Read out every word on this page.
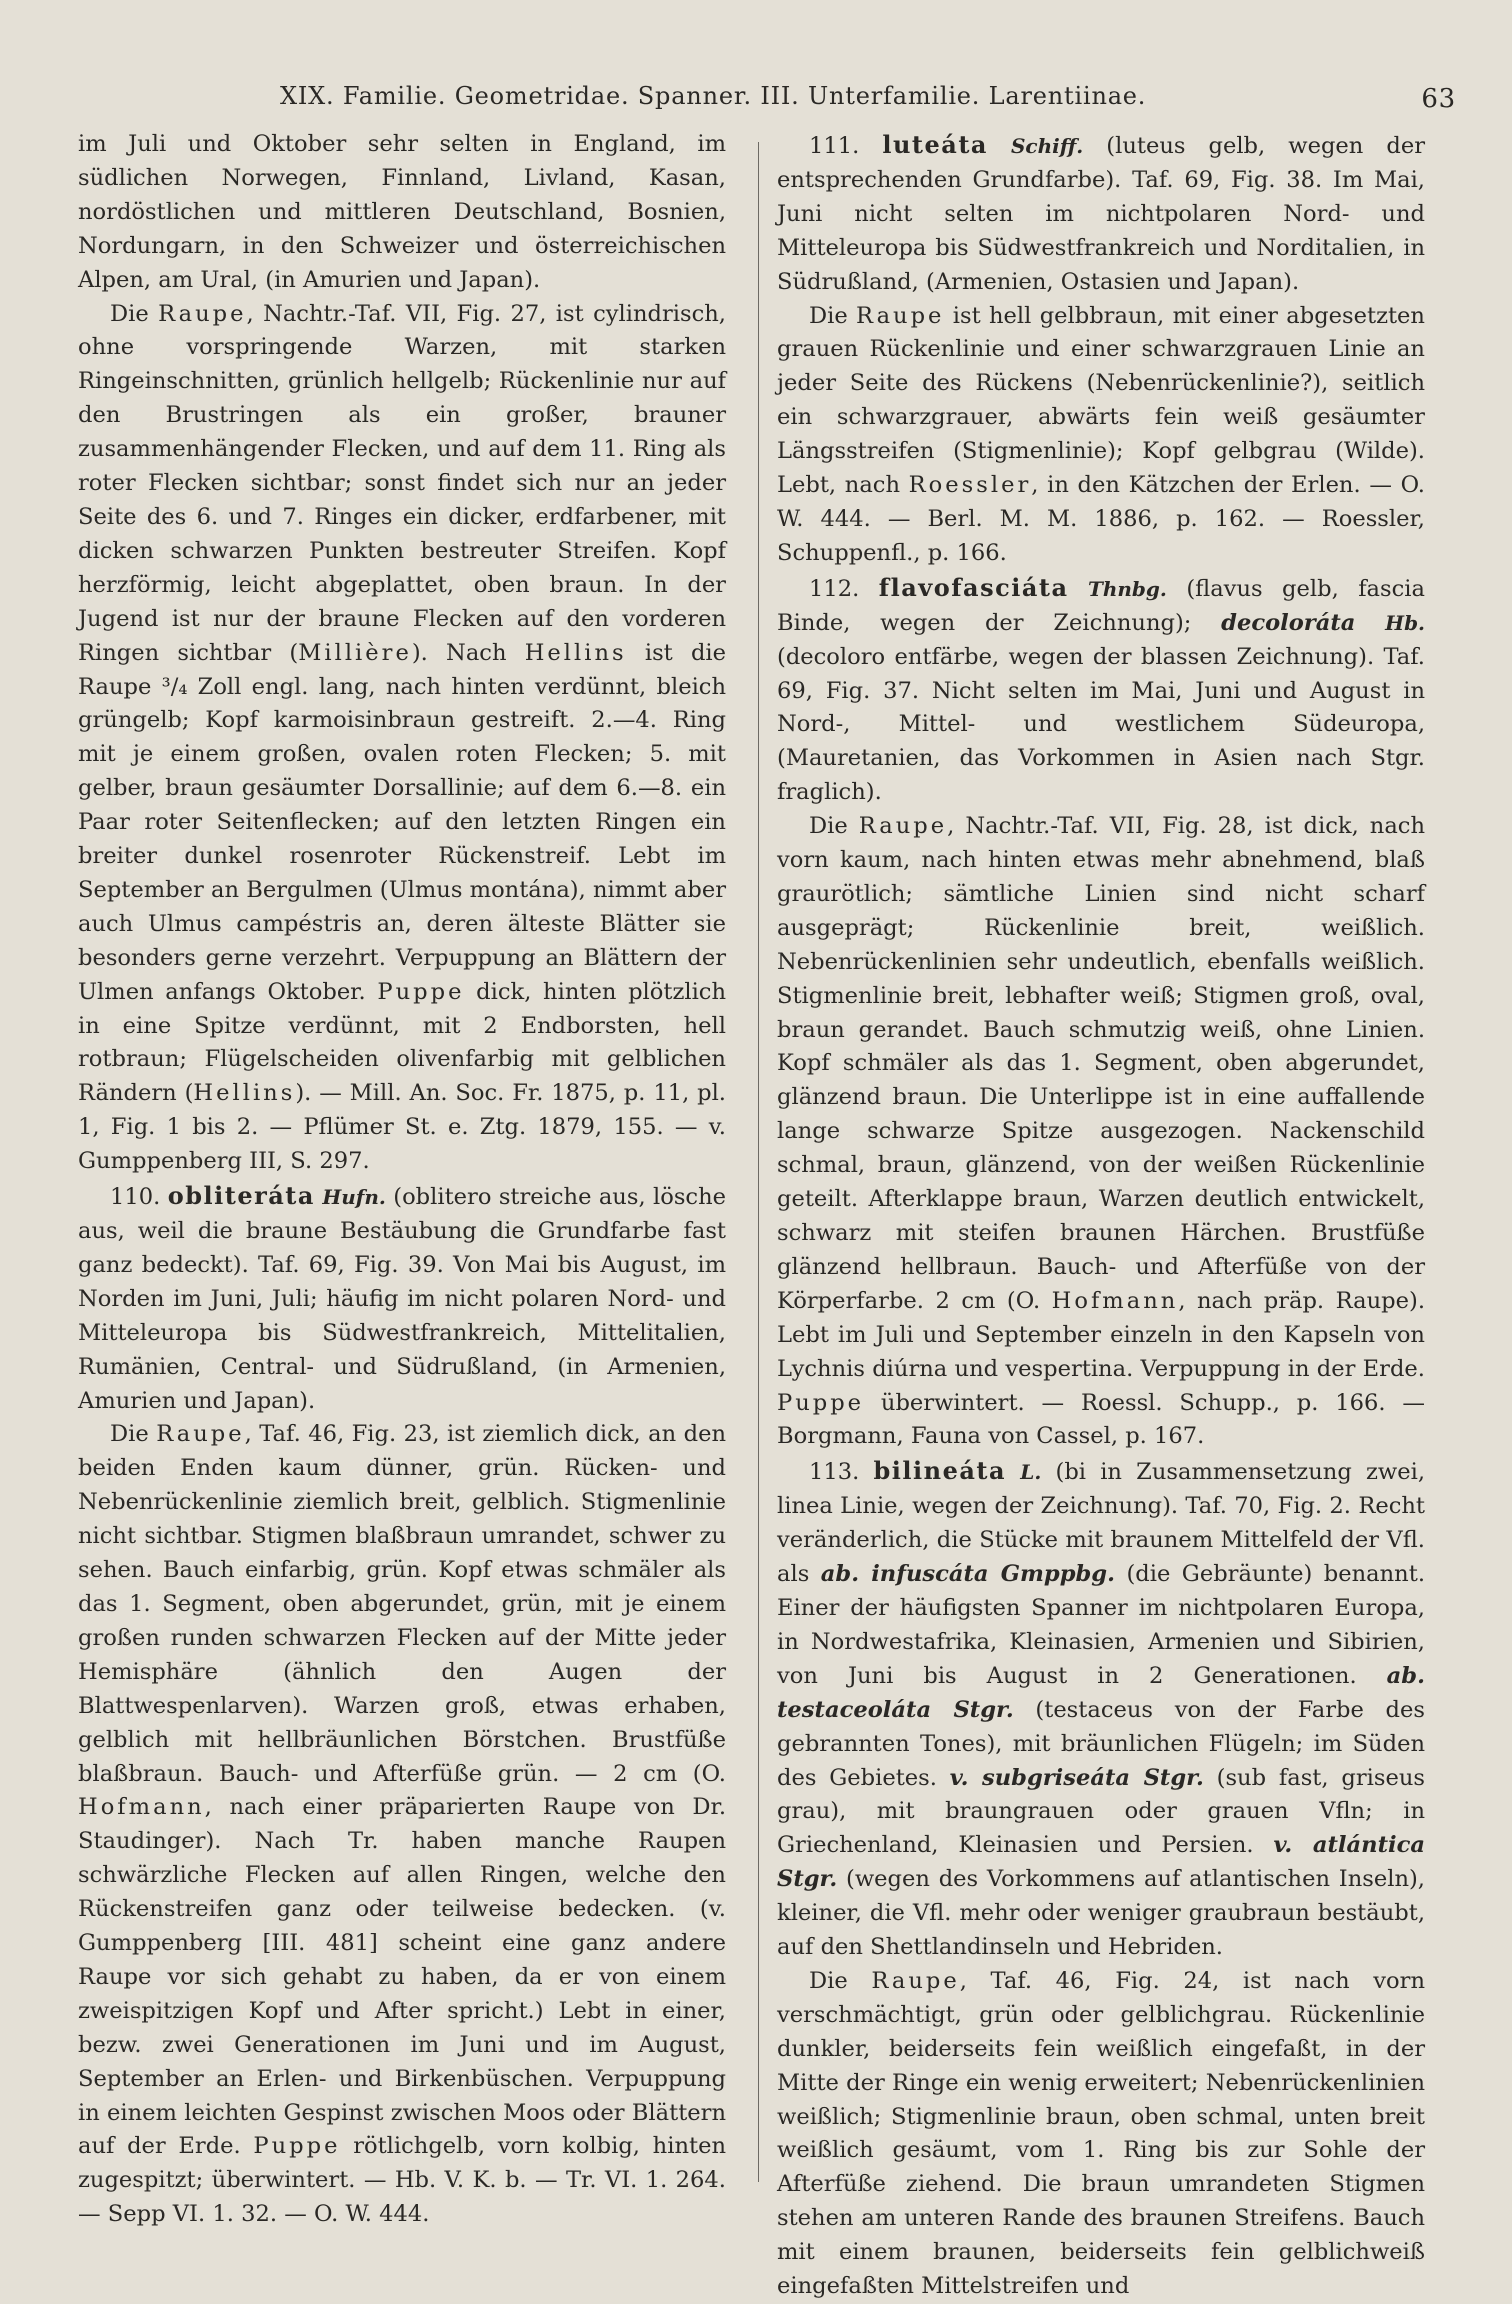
XIX. Familie. Geometridae. Spanner. III. Unterfamilie. Larentiinae.	63

im Juli und Oktober sehr selten in England, im südlichen Norwegen, Finnland, Livland, Kasan, nordöstlichen und mittleren Deutschland, Bosnien, Nordungarn, in den Schweizer und österreichischen Alpen, am Ural, (in Amurien und Japan).

Die Raupe, Nachtr.-Taf. VII, Fig. 27, ist cylindrisch, ohne vorspringende Warzen, mit starken Ringeinschnitten, grünlich hellgelb; Rückenlinie nur auf den Brustringen als ein großer, brauner zusammenhängender Flecken, und auf dem 11. Ring als roter Flecken sichtbar; sonst findet sich nur an jeder Seite des 6. und 7. Ringes ein dicker, erdfarbener, mit dicken schwarzen Punkten bestreuter Streifen. Kopf herzförmig, leicht abgeplattet, oben braun. In der Jugend ist nur der braune Flecken auf den vorderen Ringen sichtbar (Millière). Nach Hellins ist die Raupe ³/₄ Zoll engl. lang, nach hinten verdünnt, bleich grüngelb; Kopf karmoisinbraun gestreift. 2.—4. Ring mit je einem großen, ovalen roten Flecken; 5. mit gelber, braun gesäumter Dorsallinie; auf dem 6.—8. ein Paar roter Seitenflecken; auf den letzten Ringen ein breiter dunkel rosenroter Rückenstreif. Lebt im September an Bergulmen (Ulmus montána), nimmt aber auch Ulmus campéstris an, deren älteste Blätter sie besonders gerne verzehrt. Verpuppung an Blättern der Ulmen anfangs Oktober. Puppe dick, hinten plötzlich in eine Spitze verdünnt, mit 2 Endborsten, hell rotbraun; Flügelscheiden olivenfarbig mit gelblichen Rändern (Hellins). — Mill. An. Soc. Fr. 1875, p. 11, pl. 1, Fig. 1 bis 2. — Pflümer St. e. Ztg. 1879, 155. — v. Gumppenberg III, S. 297.

110. obliteráta Hufn. (oblitero streiche aus, lösche aus, weil die braune Bestäubung die Grundfarbe fast ganz bedeckt). Taf. 69, Fig. 39. Von Mai bis August, im Norden im Juni, Juli; häufig im nicht polaren Nord- und Mitteleuropa bis Südwestfrankreich, Mittelitalien, Rumänien, Central- und Südrußland, (in Armenien, Amurien und Japan).

Die Raupe, Taf. 46, Fig. 23, ist ziemlich dick, an den beiden Enden kaum dünner, grün. Rücken- und Nebenrückenlinie ziemlich breit, gelblich. Stigmenlinie nicht sichtbar. Stigmen blaßbraun umrandet, schwer zu sehen. Bauch einfarbig, grün. Kopf etwas schmäler als das 1. Segment, oben abgerundet, grün, mit je einem großen runden schwarzen Flecken auf der Mitte jeder Hemisphäre (ähnlich den Augen der Blattwespenlarven). Warzen groß, etwas erhaben, gelblich mit hellbräunlichen Börstchen. Brustfüße blaßbraun. Bauch- und Afterfüße grün. — 2 cm (O. Hofmann, nach einer präparierten Raupe von Dr. Staudinger). Nach Tr. haben manche Raupen schwärzliche Flecken auf allen Ringen, welche den Rückenstreifen ganz oder teilweise bedecken. (v. Gumppenberg [III. 481] scheint eine ganz andere Raupe vor sich gehabt zu haben, da er von einem zweispitzigen Kopf und After spricht.) Lebt in einer, bezw. zwei Generationen im Juni und im August, September an Erlen- und Birkenbüschen. Verpuppung in einem leichten Gespinst zwischen Moos oder Blättern auf der Erde. Puppe rötlichgelb, vorn kolbig, hinten zugespitzt; überwintert. — Hb. V. K. b. — Tr. VI. 1. 264. — Sepp VI. 1. 32. — O. W. 444.

111. luteáta Schiff. (luteus gelb, wegen der entsprechenden Grundfarbe). Taf. 69, Fig. 38. Im Mai, Juni nicht selten im nichtpolaren Nord- und Mitteleuropa bis Südwestfrankreich und Norditalien, in Südrußland, (Armenien, Ostasien und Japan).

Die Raupe ist hell gelbbraun, mit einer abgesetzten grauen Rückenlinie und einer schwarzgrauen Linie an jeder Seite des Rückens (Nebenrückenlinie?), seitlich ein schwarzgrauer, abwärts fein weiß gesäumter Längsstreifen (Stigmenlinie); Kopf gelbgrau (Wilde). Lebt, nach Roessler, in den Kätzchen der Erlen. — O. W. 444. — Berl. M. M. 1886, p. 162. — Roessler, Schuppenfl., p. 166.

112. flavofasciáta Thnbg. (flavus gelb, fascia Binde, wegen der Zeichnung); decoloráta Hb. (decoloro entfärbe, wegen der blassen Zeichnung). Taf. 69, Fig. 37. Nicht selten im Mai, Juni und August in Nord-, Mittel- und westlichem Südeuropa, (Mauretanien, das Vorkommen in Asien nach Stgr. fraglich).

Die Raupe, Nachtr.-Taf. VII, Fig. 28, ist dick, nach vorn kaum, nach hinten etwas mehr abnehmend, blaß graurötlich; sämtliche Linien sind nicht scharf ausgeprägt; Rückenlinie breit, weißlich. Nebenrückenlinien sehr undeutlich, ebenfalls weißlich. Stigmenlinie breit, lebhafter weiß; Stigmen groß, oval, braun gerandet. Bauch schmutzig weiß, ohne Linien. Kopf schmäler als das 1. Segment, oben abgerundet, glänzend braun. Die Unterlippe ist in eine auffallende lange schwarze Spitze ausgezogen. Nackenschild schmal, braun, glänzend, von der weißen Rückenlinie geteilt. Afterklappe braun, Warzen deutlich entwickelt, schwarz mit steifen braunen Härchen. Brustfüße glänzend hellbraun. Bauch- und Afterfüße von der Körperfarbe. 2 cm (O. Hofmann, nach präp. Raupe). Lebt im Juli und September einzeln in den Kapseln von Lychnis diúrna und vespertina. Verpuppung in der Erde. Puppe überwintert. — Roessl. Schupp., p. 166. — Borgmann, Fauna von Cassel, p. 167.

113. bilineáta L. (bi in Zusammensetzung zwei, linea Linie, wegen der Zeichnung). Taf. 70, Fig. 2. Recht veränderlich, die Stücke mit braunem Mittelfeld der Vfl. als ab. infuscáta Gmppbg. (die Gebräunte) benannt. Einer der häufigsten Spanner im nichtpolaren Europa, in Nordwestafrika, Kleinasien, Armenien und Sibirien, von Juni bis August in 2 Generationen. ab. testaceoláta Stgr. (testaceus von der Farbe des gebrannten Tones), mit bräunlichen Flügeln; im Süden des Gebietes. v. subgriseáta Stgr. (sub fast, griseus grau), mit braungrauen oder grauen Vfln; in Griechenland, Kleinasien und Persien. v. atlántica Stgr. (wegen des Vorkommens auf atlantischen Inseln), kleiner, die Vfl. mehr oder weniger graubraun bestäubt, auf den Shettlandinseln und Hebriden.

Die Raupe, Taf. 46, Fig. 24, ist nach vorn verschmächtigt, grün oder gelblichgrau. Rückenlinie dunkler, beiderseits fein weißlich eingefaßt, in der Mitte der Ringe ein wenig erweitert; Nebenrückenlinien weißlich; Stigmenlinie braun, oben schmal, unten breit weißlich gesäumt, vom 1. Ring bis zur Sohle der Afterfüße ziehend. Die braun umrandeten Stigmen stehen am unteren Rande des braunen Streifens. Bauch mit einem braunen, beiderseits fein gelblichweiß eingefaßten Mittelstreifen und
